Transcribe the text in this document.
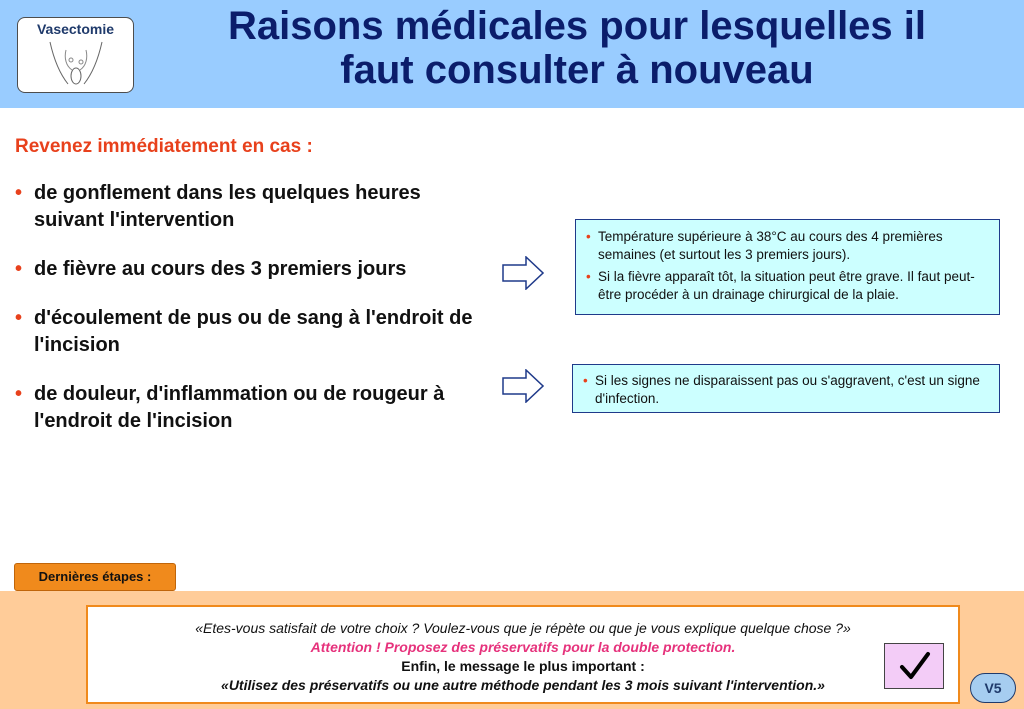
Vasectomie	Raisons médicales pour lesquelles il
faut consulter à nouveau
Revenez immédiatement en cas :
• de gonflement dans les quelques heures suivant l'intervention
• de fièvre au cours des 3 premiers jours
• d'écoulement de pus ou de sang à l'endroit de l'incision
• de douleur, d'inflammation ou de rougeur à l'endroit de l'incision
• Température supérieure à 38°C au cours des 4 premières semaines (et surtout les 3 premiers jours).
• Si la fièvre apparaît tôt, la situation peut être grave. Il faut peut-être procéder à un drainage chirurgical de la plaie.
• Si les signes ne disparaissent pas ou s'aggravent, c'est un signe d'infection.
Dernières étapes :
«Etes-vous satisfait de votre choix ? Voulez-vous que je répète ou que je vous explique quelque chose ?»
Attention ! Proposez des préservatifs pour la double protection.
Enfin, le message le plus important :
«Utilisez des préservatifs ou une autre méthode pendant les 3 mois suivant l'intervention.»	V5
